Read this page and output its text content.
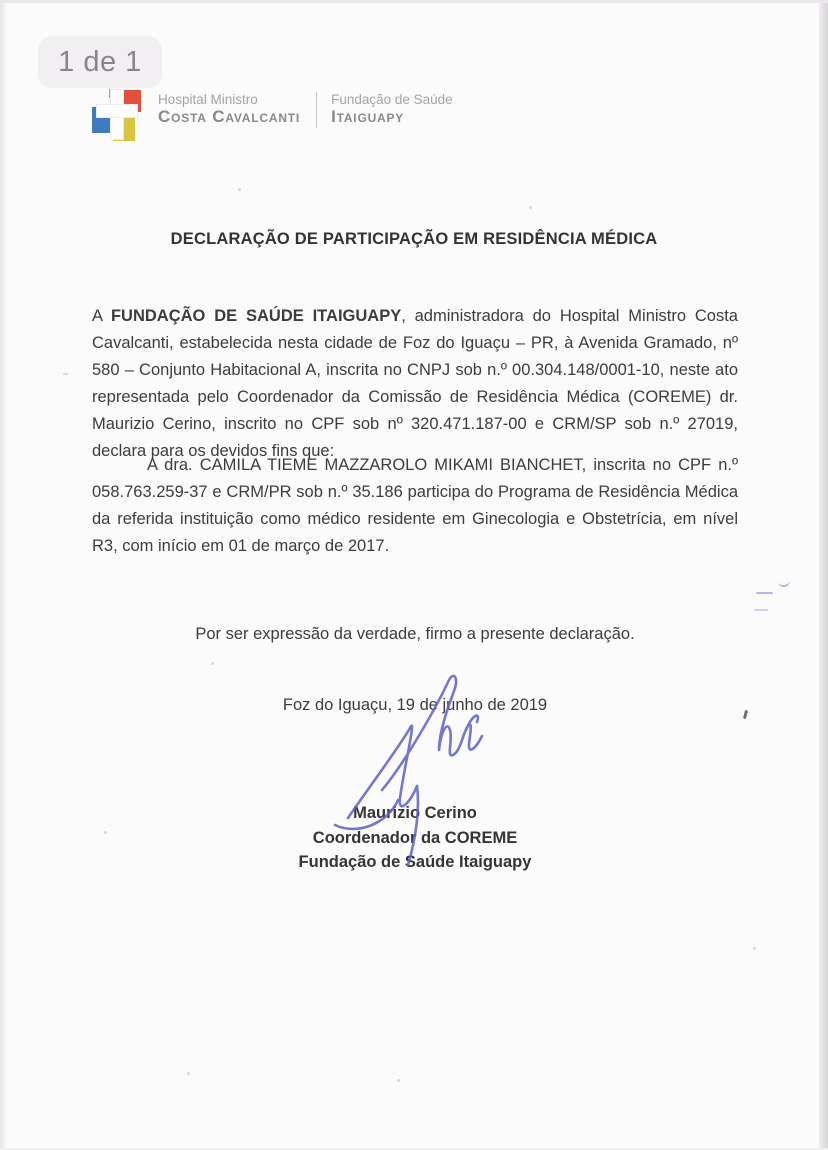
1 de 1
Hospital Ministro
Costa Cavalcanti
Fundação de Saúde
Itaiguapy
DECLARAÇÃO DE PARTICIPAÇÃO EM RESIDÊNCIA MÉDICA

A FUNDAÇÃO DE SAÚDE ITAIGUAPY, administradora do Hospital Ministro Costa Cavalcanti, estabelecida nesta cidade de Foz do Iguaçu – PR, à Avenida Gramado, nº 580 – Conjunto Habitacional A, inscrita no CNPJ sob n.º 00.304.148/0001-10, neste ato representada pelo Coordenador da Comissão de Residência Médica (COREME) dr. Maurizio Cerino, inscrito no CPF sob nº 320.471.187-00 e CRM/SP sob n.º 27019, declara para os devidos fins que:

A dra. CAMILA TIEME MAZZAROLO MIKAMI BIANCHET, inscrita no CPF n.º 058.763.259-37 e CRM/PR sob n.º 35.186 participa do Programa de Residência Médica da referida instituição como médico residente em Ginecologia e Obstetrícia, em nível R3, com início em 01 de março de 2017.

Por ser expressão da verdade, firmo a presente declaração.

Foz do Iguaçu, 19 de junho de 2019

Maurizio Cerino
Coordenador da COREME
Fundação de Saúde Itaiguapy
